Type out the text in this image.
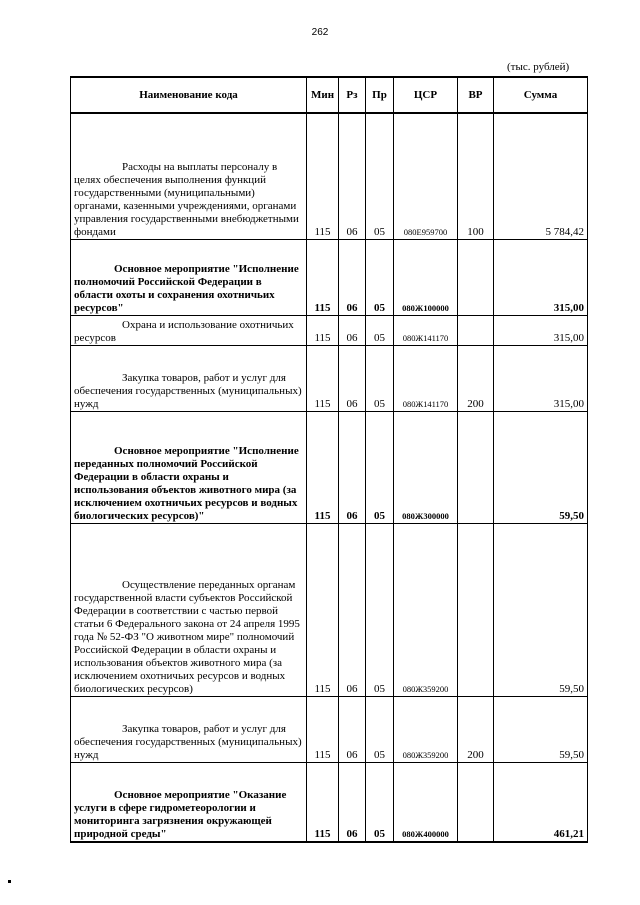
262
(тыс. рублей)
Наименование кода	Мин	Рз	Пр	ЦСР	ВР	Сумма
Расходы на выплаты персоналу в целях обеспечения выполнения функций государственными (муниципальными) органами, казенными учреждениями, органами управления государственными внебюджетными фондами	115	06	05	080Е959700	100	5 784,42
Основное мероприятие "Исполнение полномочий Российской Федерации в области охоты и сохранения охотничьих ресурсов"	115	06	05	080Ж100000		315,00
Охрана и использование охотничьих ресурсов	115	06	05	080Ж141170		315,00
Закупка товаров, работ и услуг для обеспечения государственных (муниципальных) нужд	115	06	05	080Ж141170	200	315,00
Основное мероприятие "Исполнение переданных полномочий Российской Федерации в области охраны и использования объектов животного мира (за исключением охотничьих ресурсов и водных биологических ресурсов)"	115	06	05	080Ж300000		59,50
Осуществление переданных органам государственной власти субъектов Российской Федерации в соответствии с частью первой статьи 6 Федерального закона от 24 апреля 1995 года № 52-ФЗ "О животном мире" полномочий Российской Федерации в области охраны и использования объектов животного мира (за исключением охотничьих ресурсов и водных биологических ресурсов)	115	06	05	080Ж359200		59,50
Закупка товаров, работ и услуг для обеспечения государственных (муниципальных) нужд	115	06	05	080Ж359200	200	59,50
Основное мероприятие "Оказание услуги в сфере гидрометеорологии и мониторинга загрязнения окружающей природной среды"	115	06	05	080Ж400000		461,21
